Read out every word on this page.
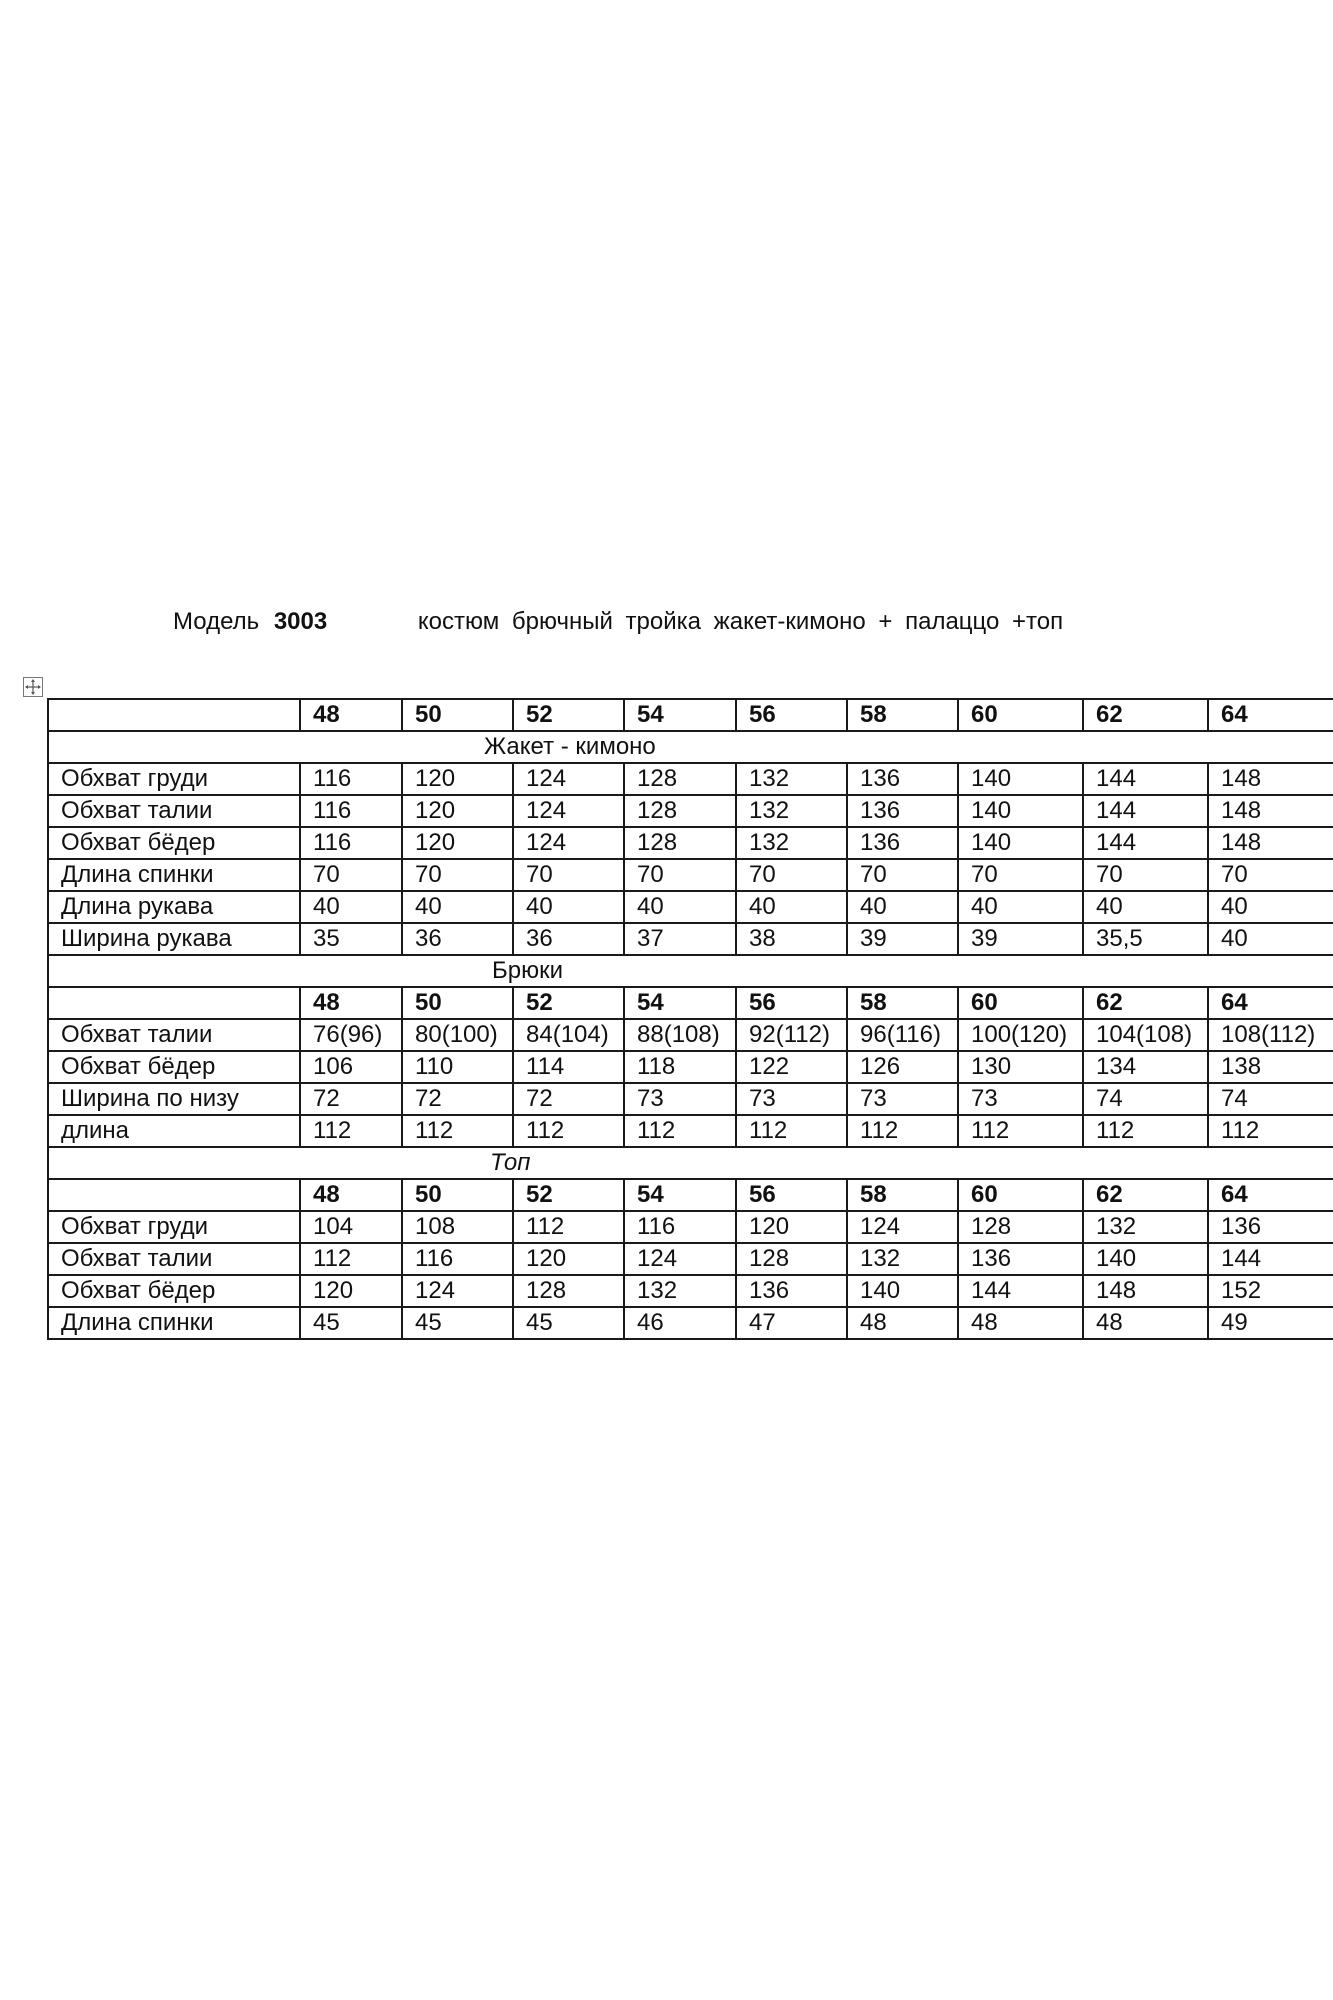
Модель 3003	костюм брючный тройка жакет-кимоно + палаццо +топ
	48	50	52	54	56	58	60	62	64
Жакет - кимоно									
Обхват груди	116	120	124	128	132	136	140	144	148
Обхват талии	116	120	124	128	132	136	140	144	148
Обхват бёдер	116	120	124	128	132	136	140	144	148
Длина спинки	70	70	70	70	70	70	70	70	70
Длина рукава	40	40	40	40	40	40	40	40	40
Ширина рукава	35	36	36	37	38	39	39	35,5	40
Брюки									
	48	50	52	54	56	58	60	62	64
Обхват талии	76(96)	80(100)	84(104)	88(108)	92(112)	96(116)	100(120)	104(108)	108(112)
Обхват бёдер	106	110	114	118	122	126	130	134	138
Ширина по низу	72	72	72	73	73	73	73	74	74
длина	112	112	112	112	112	112	112	112	112
Топ									
	48	50	52	54	56	58	60	62	64
Обхват груди	104	108	112	116	120	124	128	132	136
Обхват талии	112	116	120	124	128	132	136	140	144
Обхват бёдер	120	124	128	132	136	140	144	148	152
Длина спинки	45	45	45	46	47	48	48	48	49
